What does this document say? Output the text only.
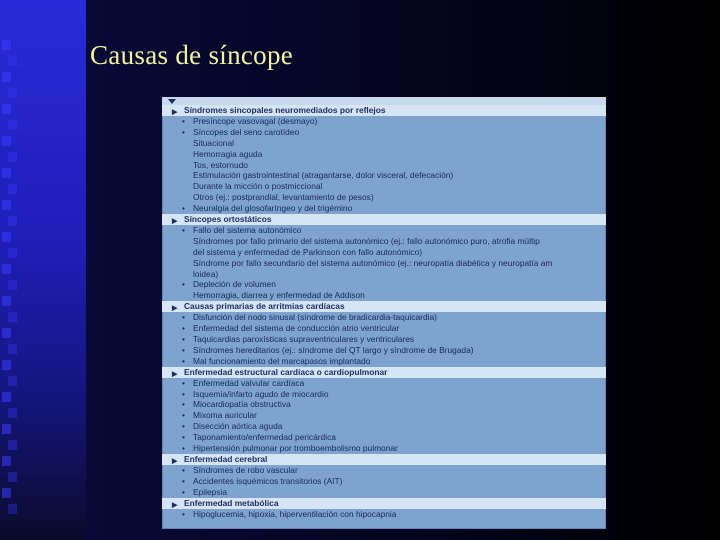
Causas de síncope
▶ Síndromes sincopales neuromediados por reflejos
• Presíncope vasovagal (desmayo)
• Síncopes del seno carotídeo
Situacional
Hemorragia aguda
Tos, estornudo
Estimulación gastrointestinal (atragantarse, dolor visceral, defecación)
Durante la micción o postmiccional
Otros (ej.: postprandial, levantamiento de pesos)
• Neuralgia del glosofaríngeo y del trigémino
▶ Síncopes ortostáticos
• Fallo del sistema autonómico
Síndromes por fallo primario del sistema autonómico (ej.: fallo autonómico puro, atrofia múltip
del sistema y enfermedad de Parkinson con fallo autonómico)
Síndrome por fallo secundario del sistema autonómico (ej.: neuropatía diabética y neuropatía am
loidea)
• Depleción de volumen
Hemorragia, diarrea y enfermedad de Addison
▶ Causas primarias de arritmias cardíacas
• Disfunción del nodo sinusal (síndrome de bradicardia-taquicardia)
• Enfermedad del sistema de conducción atrio ventricular
• Taquicardias paroxísticas supraventriculares y ventriculares
• Síndromes hereditarios (ej.: síndrome del QT largo y síndrome de Brugada)
• Mal funcionamiento del marcapasos implantado
▶ Enfermedad estructural cardíaca o cardiopulmonar
• Enfermedad valvular cardíaca
• Isquemia/infarto agudo de miocardio
• Miocardiopatía obstructiva
• Mixoma auricular
• Disección aórtica aguda
• Taponamiento/enfermedad pericárdica
• Hipertensión pulmonar por tromboembolismo pulmonar
▶ Enfermedad cerebral
• Síndromes de robo vascular
• Accidentes isquémicos transitorios (AIT)
• Epilepsia
▶ Enfermedad metabólica
• Hipoglucemia, hipoxia, hiperventilación con hipocapnia
